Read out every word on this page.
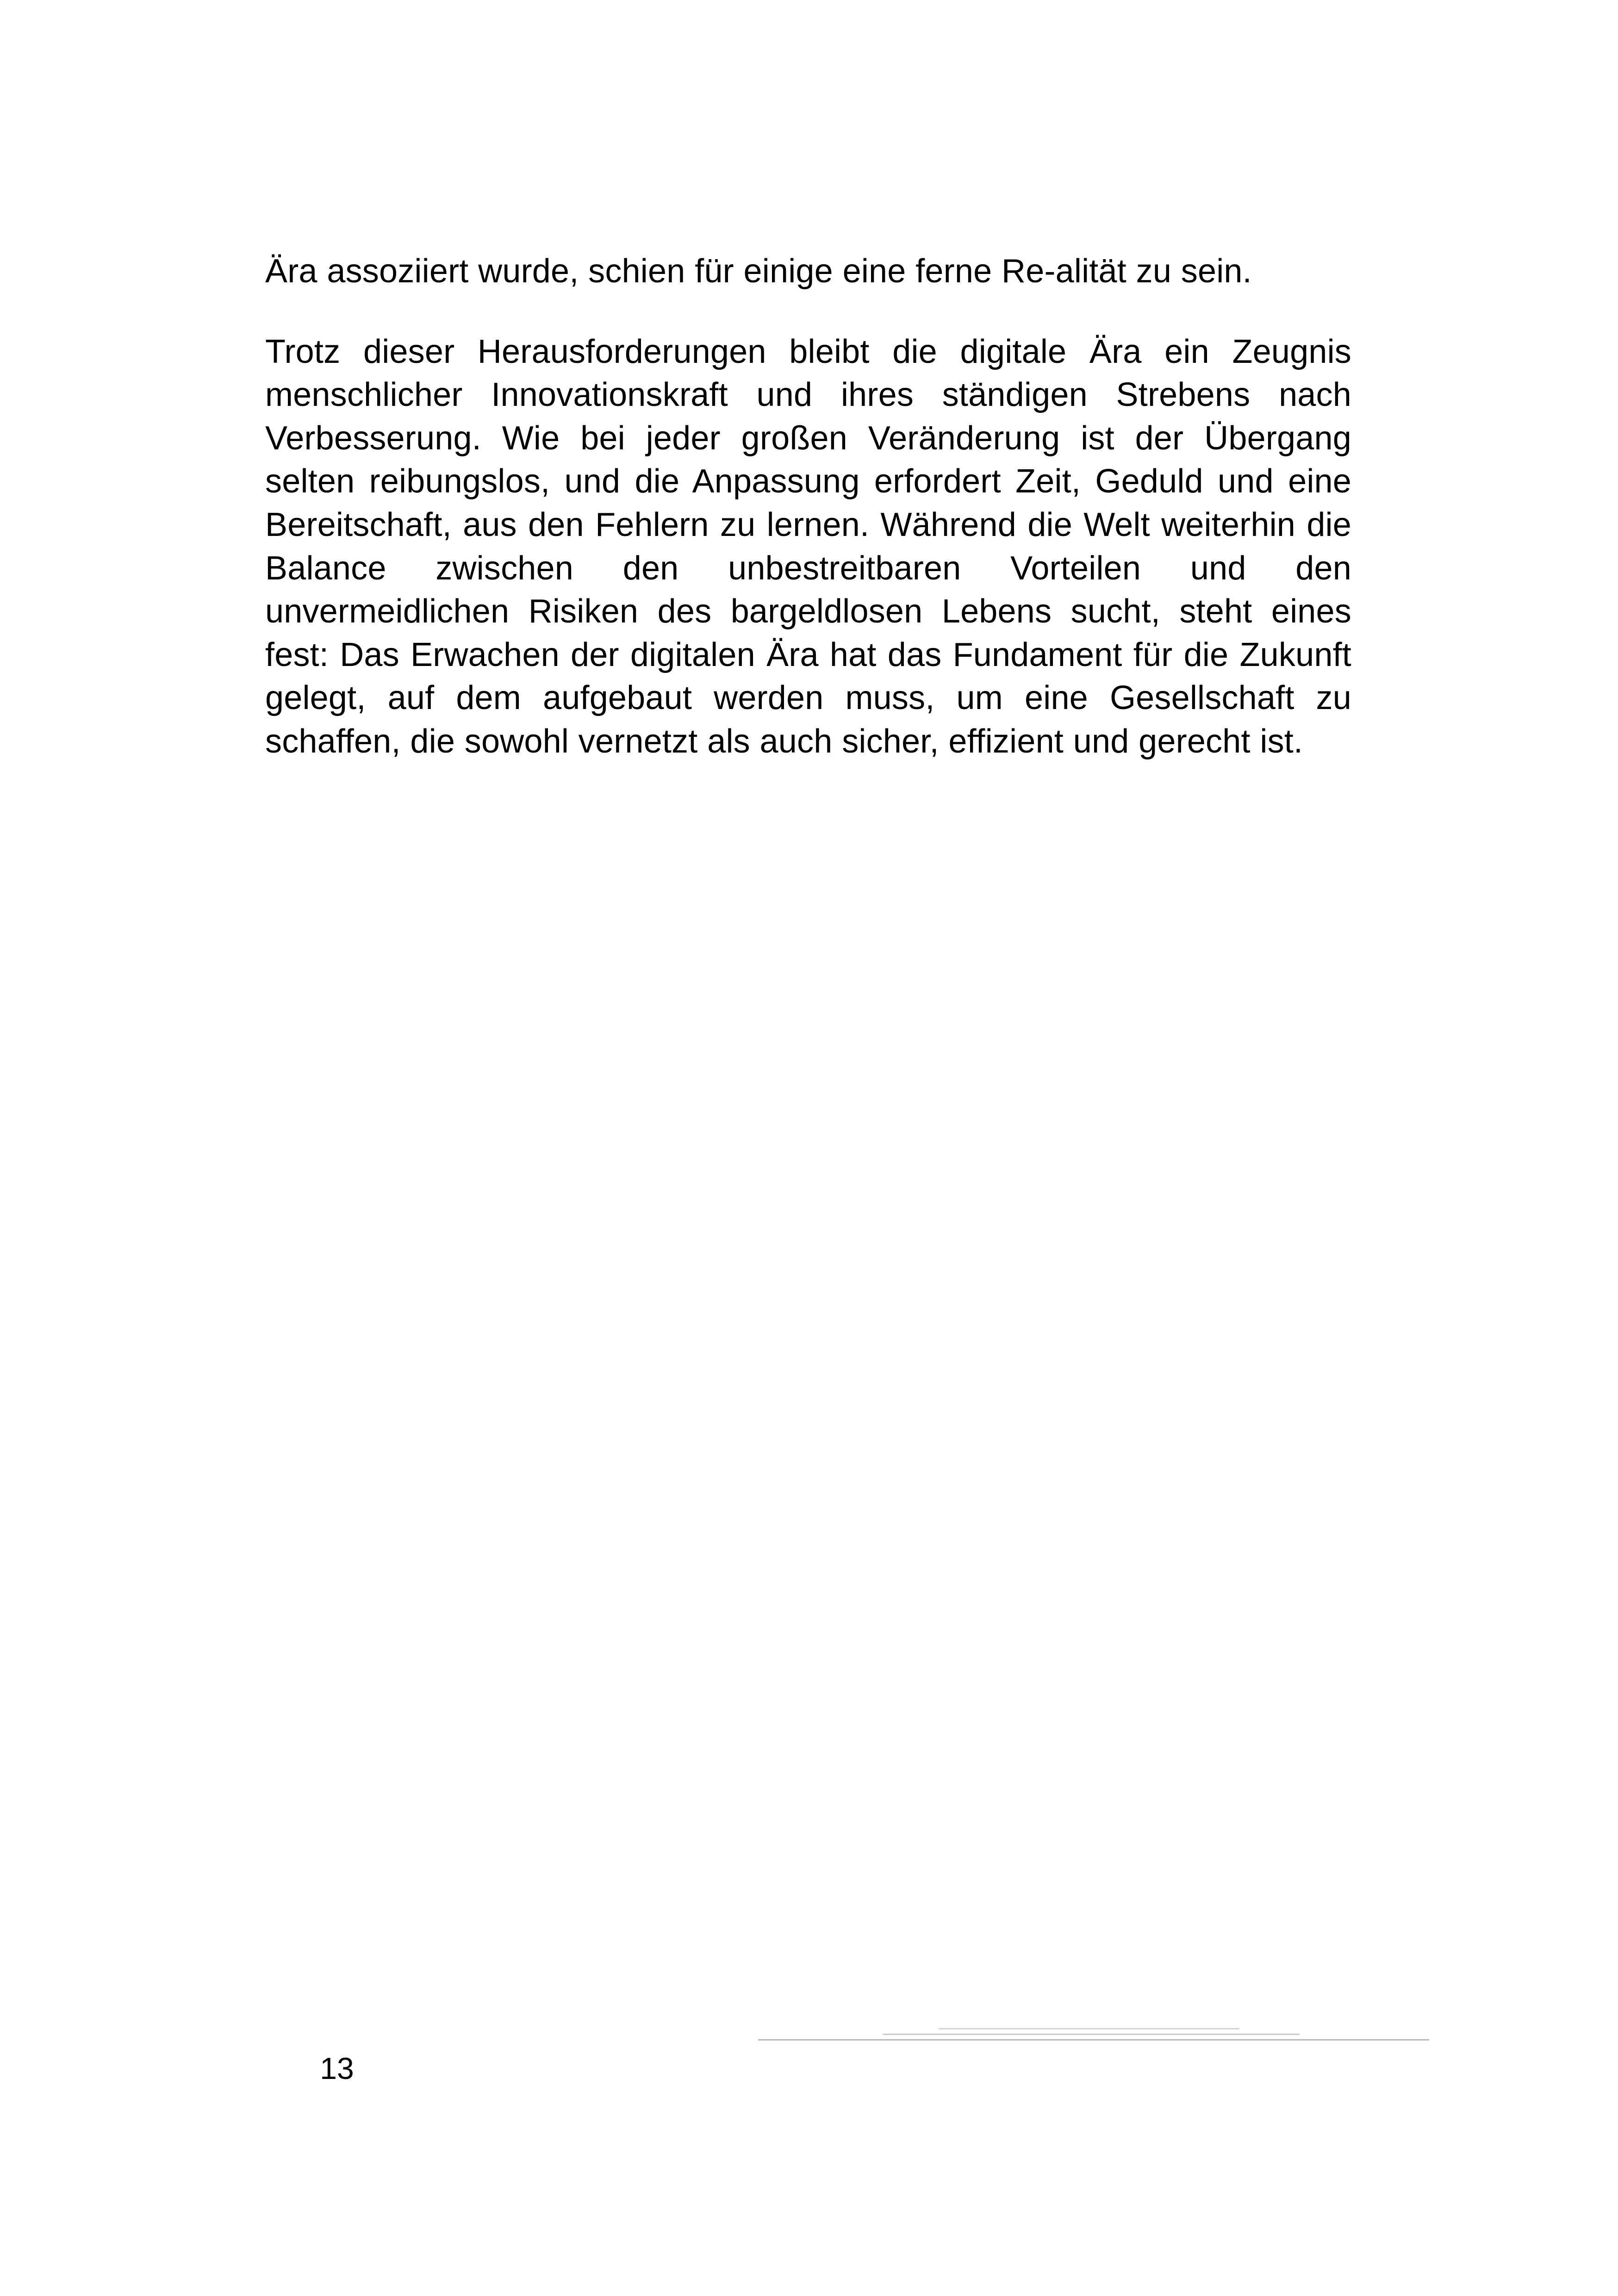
Ära assoziiert wurde, schien für einige eine ferne Re-alität zu sein.

Trotz dieser Herausforderungen bleibt die digitale Ära ein Zeugnis menschlicher Innovationskraft und ihres ständigen Strebens nach Verbesserung. Wie bei jeder großen Veränderung ist der Übergang selten reibungslos, und die Anpassung erfordert Zeit, Geduld und eine Bereitschaft, aus den Fehlern zu lernen. Während die Welt weiterhin die Balance zwischen den unbestreitbaren Vorteilen und den unvermeidlichen Risiken des bargeldlosen Lebens sucht, steht eines fest: Das Erwachen der digitalen Ära hat das Fundament für die Zukunft gelegt, auf dem aufgebaut werden muss, um eine Gesellschaft zu schaffen, die sowohl vernetzt als auch sicher, effizient und gerecht ist.

13
